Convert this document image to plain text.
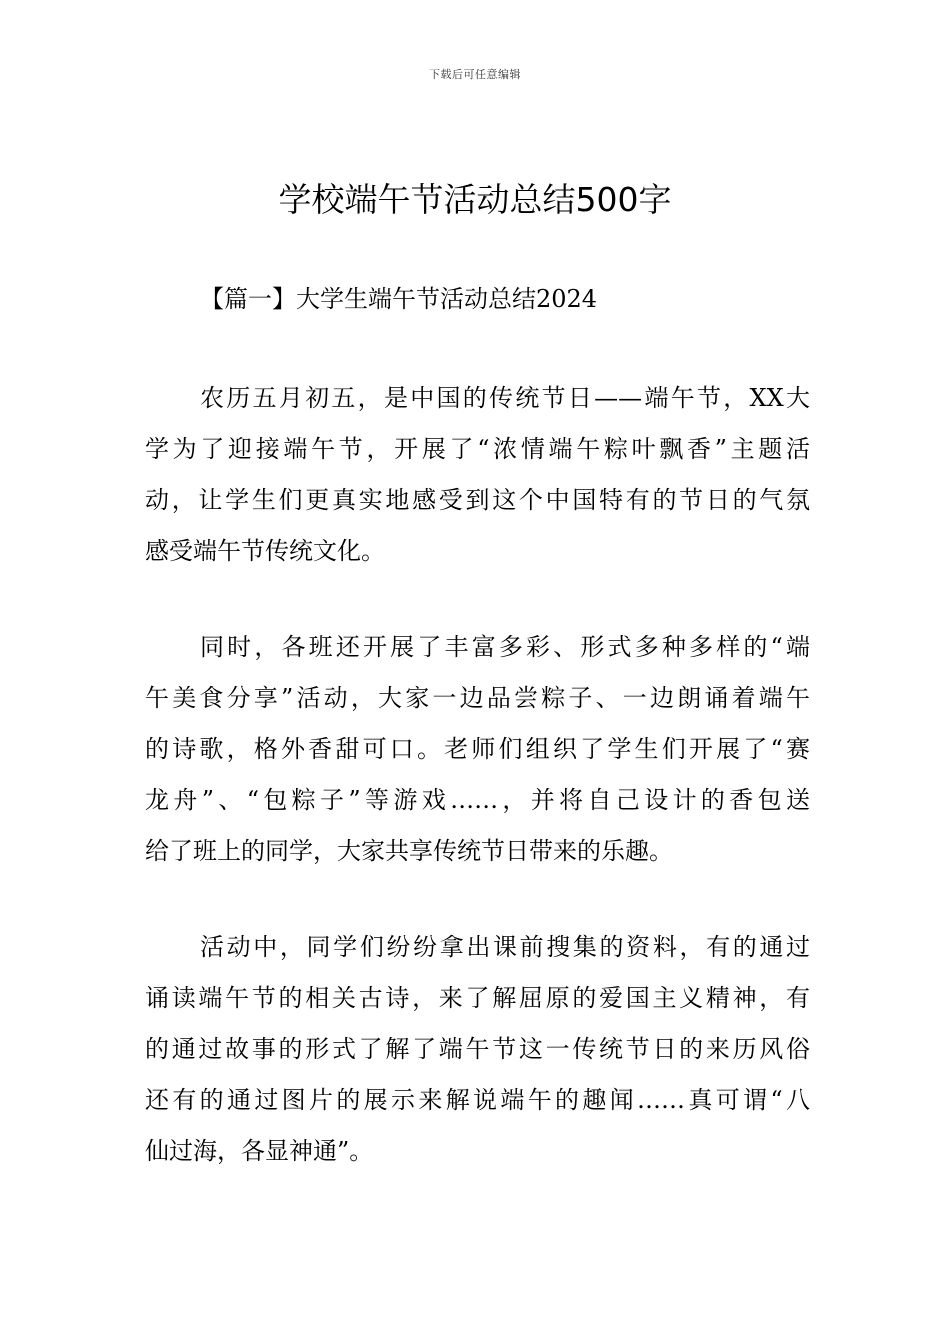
下载后可任意编辑
学校端午节活动总结500字
【篇一】大学生端午节活动总结2024

农历五月初五，是中国的传统节日——端午节，XX大
学为了迎接端午节，开展了“浓情端午粽叶飘香”主题活
动，让学生们更真实地感受到这个中国特有的节日的气氛
感受端午节传统文化。

同时，各班还开展了丰富多彩、形式多种多样的“端
午美食分享”活动，大家一边品尝粽子、一边朗诵着端午
的诗歌，格外香甜可口。老师们组织了学生们开展了“赛
龙舟”、“包粽子”等游戏……，并将自己设计的香包送
给了班上的同学，大家共享传统节日带来的乐趣。

活动中，同学们纷纷拿出课前搜集的资料，有的通过
诵读端午节的相关古诗，来了解屈原的爱国主义精神，有
的通过故事的形式了解了端午节这一传统节日的来历风俗
还有的通过图片的展示来解说端午的趣闻……真可谓“八
仙过海，各显神通”。
